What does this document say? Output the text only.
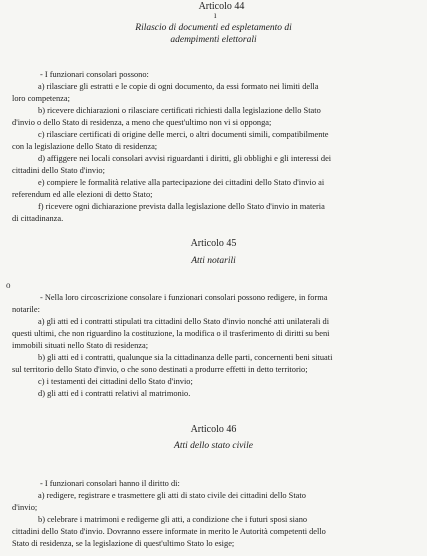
Articolo 44
ı
Rilascio di documenti ed espletamento di
adempimenti elettorali
- I funzionari consolari possono:
a) rilasciare gli estratti e le copie di ogni documento, da essi formato nei limiti della
loro competenza;
b) ricevere dichiarazioni o rilasciare certificati richiesti dalla legislazione dello Stato
d'invio o dello Stato di residenza, a meno che quest'ultimo non vi si opponga;
c) rilasciare certificati di origine delle merci, o altri documenti simili, compatibilmente
con la legislazione dello Stato di residenza;
d) affiggere nei locali consolari avvisi riguardanti i diritti, gli obblighi e gli interessi dei
cittadini dello Stato d'invio;
e) compiere le formalità relative alla partecipazione dei cittadini dello Stato d'invio ai
referendum ed alle elezioni di detto Stato;
f) ricevere ogni dichiarazione prevista dalla legislazione dello Stato d'invio in materia
di cittadinanza.
Articolo 45
Atti notarili
o
- Nella loro circoscrizione consolare i funzionari consolari possono redigere, in forma
notarile:
a) gli atti ed i contratti stipulati tra cittadini dello Stato d'invio nonché atti unilaterali di
questi ultimi, che non riguardino la costituzione, la modifica o il trasferimento di diritti su beni
immobili situati nello Stato di residenza;
b) gli atti ed i contratti, qualunque sia la cittadinanza delle parti, concernenti beni situati
sul territorio dello Stato d'invio, o che sono destinati a produrre effetti in detto territorio;
c) i testamenti dei cittadini dello Stato d'invio;
d) gli atti ed i contratti relativi al matrimonio.
Articolo 46
Atti dello stato civile
- I funzionari consolari hanno il diritto di:
a) redigere, registrare e trasmettere gli atti di stato civile dei cittadini dello Stato
d'invio;
b) celebrare i matrimoni e redigerne gli atti, a condizione che i futuri sposi siano
cittadini dello Stato d'invio. Dovranno essere informate in merito le Autorità competenti dello
Stato di residenza, se la legislazione di quest'ultimo Stato lo esige;
